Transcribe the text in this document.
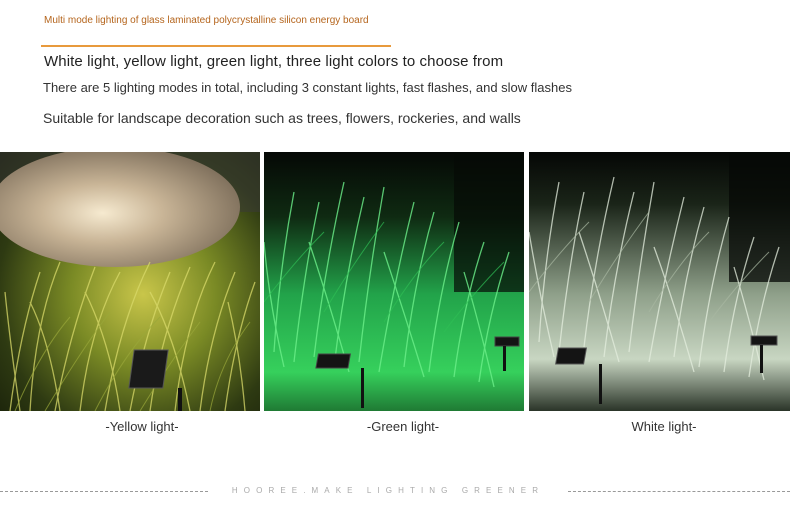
Multi mode lighting of glass laminated polycrystalline silicon energy board
White light, yellow light, green light, three light colors to choose from
There are 5 lighting modes in total, including 3 constant lights, fast flashes, and slow flashes
Suitable for landscape decoration such as trees, flowers, rockeries, and walls
-Yellow light-	-Green light-	White light-
HOOREE.MAKE LIGHTING GREENER
